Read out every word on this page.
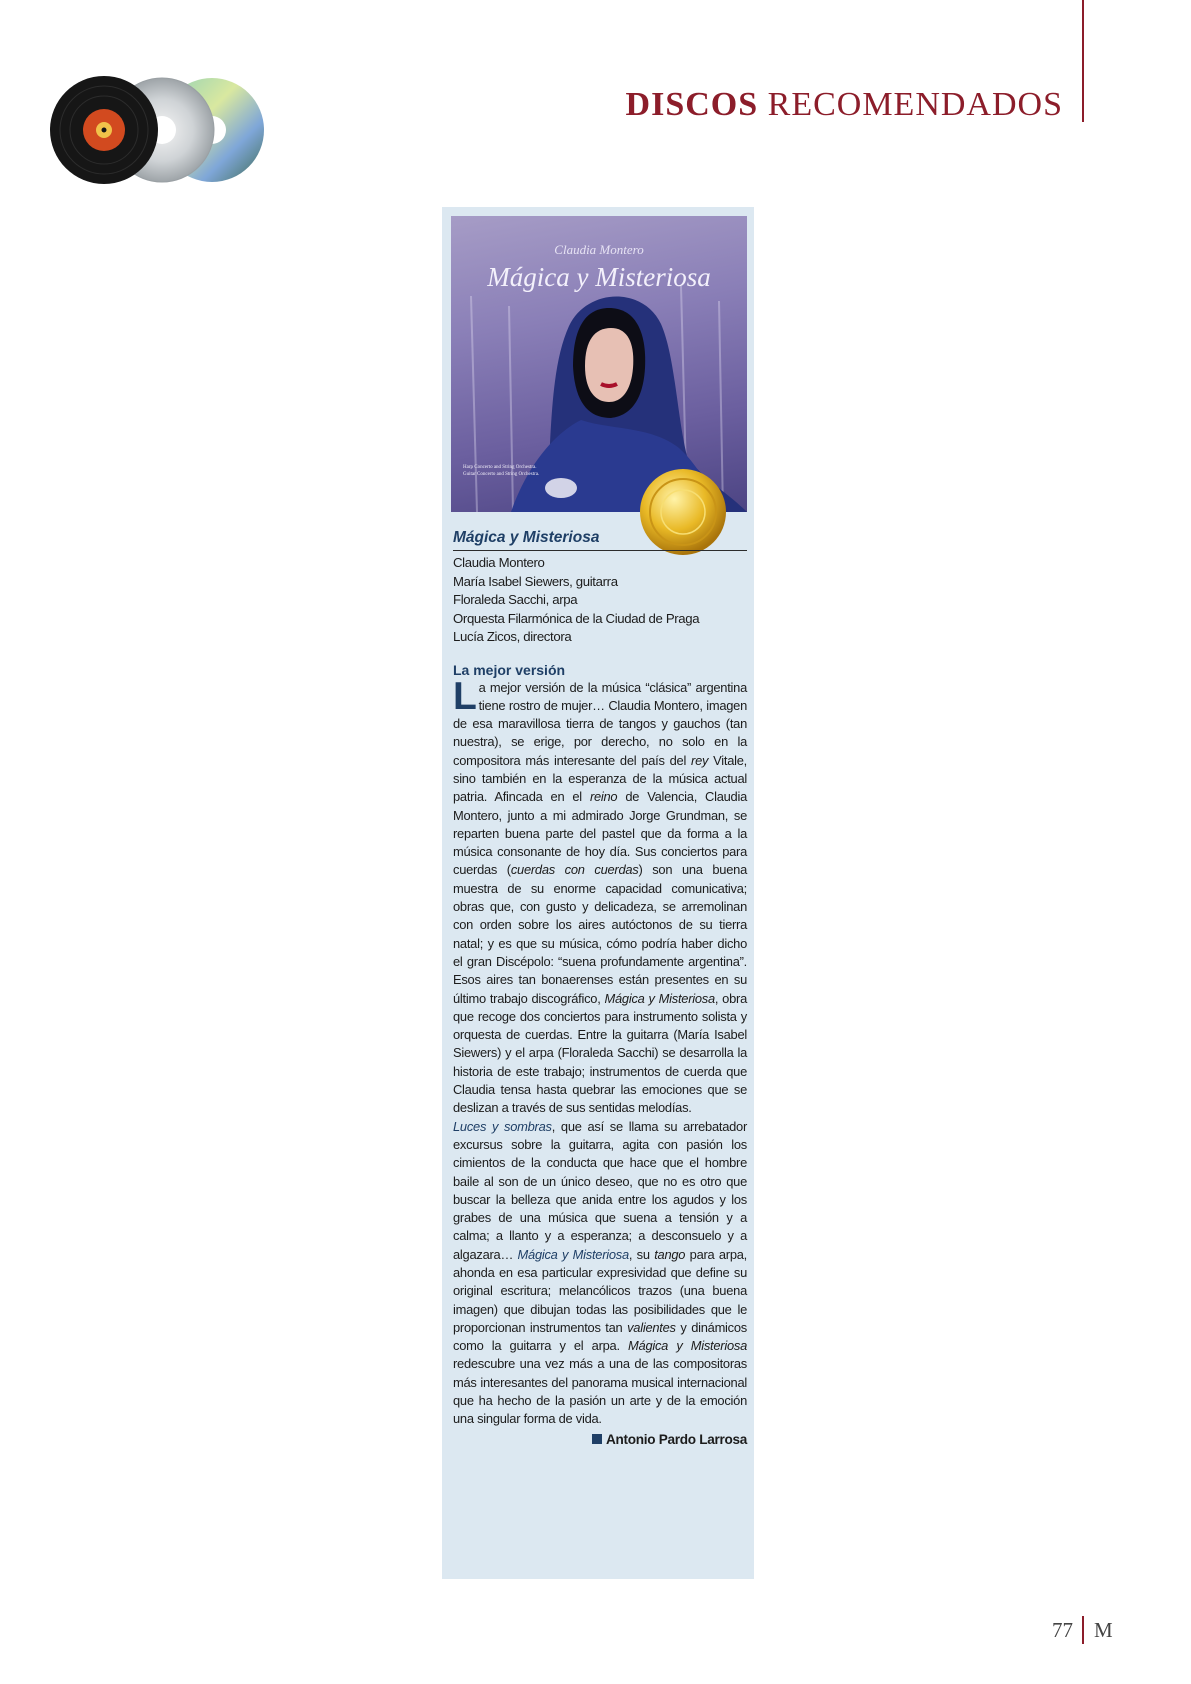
DISCOS RECOMENDADOS
Claudia Montero
Mágica y Misteriosa
Harp Concerto and String Orchestra. Guitar Concerto and String Orchestra.
Mágica y Misteriosa
Claudia Montero
María Isabel Siewers, guitarra
Floraleda Sacchi, arpa
Orquesta Filarmónica de la Ciudad de Praga
Lucía Zicos, directora
La mejor versión

La mejor versión de la música “clásica” argentina tiene rostro de mujer… Claudia Montero, imagen de esa maravillosa tierra de tangos y gauchos (tan nuestra), se erige, por derecho, no solo en la compositora más interesante del país del rey Vitale, sino también en la esperanza de la música actual patria. Afincada en el reino de Valencia, Claudia Montero, junto a mi admirado Jorge Grundman, se reparten buena parte del pastel que da forma a la música consonante de hoy día. Sus conciertos para cuerdas (cuerdas con cuerdas) son una buena muestra de su enorme capacidad comunicativa; obras que, con gusto y delicadeza, se arremolinan con orden sobre los aires autóctonos de su tierra natal; y es que su música, cómo podría haber dicho el gran Discépolo: “suena profundamente argentina”. Esos aires tan bonaerenses están presentes en su último trabajo discográfico, Mágica y Misteriosa, obra que recoge dos conciertos para instrumento solista y orquesta de cuerdas. Entre la guitarra (María Isabel Siewers) y el arpa (Floraleda Sacchi) se desarrolla la historia de este trabajo; instrumentos de cuerda que Claudia tensa hasta quebrar las emociones que se deslizan a través de sus sentidas melodías.

Luces y sombras, que así se llama su arrebatador excursus sobre la guitarra, agita con pasión los cimientos de la conducta que hace que el hombre baile al son de un único deseo, que no es otro que buscar la belleza que anida entre los agudos y los grabes de una música que suena a tensión y a calma; a llanto y a esperanza; a desconsuelo y a algazara… Mágica y Misteriosa, su tango para arpa, ahonda en esa particular expresividad que define su original escritura; melancólicos trazos (una buena imagen) que dibujan todas las posibilidades que le proporcionan instrumentos tan valientes y dinámicos como la guitarra y el arpa. Mágica y Misteriosa redescubre una vez más a una de las compositoras más interesantes del panorama musical internacional que ha hecho de la pasión un arte y de la emoción una singular forma de vida.

Antonio Pardo Larrosa
77 M
